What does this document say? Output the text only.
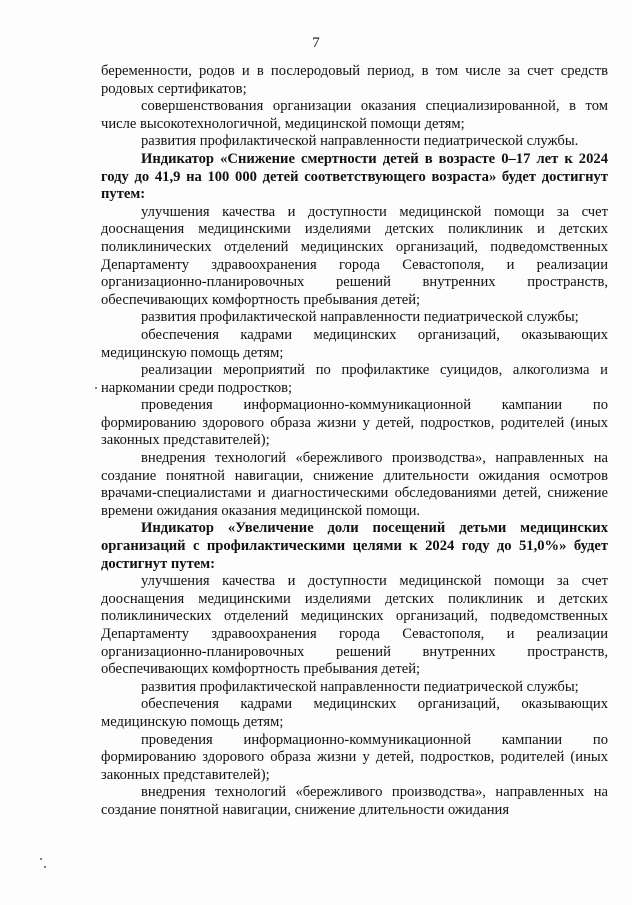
7

беременности, родов и в послеродовый период, в том числе за счет средств родовых сертификатов;

совершенствования организации оказания специализированной, в том числе высокотехнологичной, медицинской помощи детям;

развития профилактической направленности педиатрической службы.

Индикатор «Снижение смертности детей в возрасте 0–17 лет к 2024 году до 41,9 на 100 000 детей соответствующего возраста» будет достигнут путем:

улучшения качества и доступности медицинской помощи за счет дооснащения медицинскими изделиями детских поликлиник и детских поликлинических отделений медицинских организаций, подведомственных Департаменту здравоохранения города Севастополя, и реализации организационно-планировочных решений внутренних пространств, обеспечивающих комфортность пребывания детей;

развития профилактической направленности педиатрической службы;

обеспечения кадрами медицинских организаций, оказывающих медицинскую помощь детям;

реализации мероприятий по профилактике суицидов, алкоголизма и наркомании среди подростков;

проведения информационно-коммуникационной кампании по формированию здорового образа жизни у детей, подростков, родителей (иных законных представителей);

внедрения технологий «бережливого производства», направленных на создание понятной навигации, снижение длительности ожидания осмотров врачами-специалистами и диагностическими обследованиями детей, снижение времени ожидания оказания медицинской помощи.

Индикатор «Увеличение доли посещений детьми медицинских организаций с профилактическими целями к 2024 году до 51,0%» будет достигнут путем:

улучшения качества и доступности медицинской помощи за счет дооснащения медицинскими изделиями детских поликлиник и детских поликлинических отделений медицинских организаций, подведомственных Департаменту здравоохранения города Севастополя, и реализации организационно-планировочных решений внутренних пространств, обеспечивающих комфортность пребывания детей;

развития профилактической направленности педиатрической службы;

обеспечения кадрами медицинских организаций, оказывающих медицинскую помощь детям;

проведения информационно-коммуникационной кампании по формированию здорового образа жизни у детей, подростков, родителей (иных законных представителей);

внедрения технологий «бережливого производства», направленных на создание понятной навигации, снижение длительности ожидания
